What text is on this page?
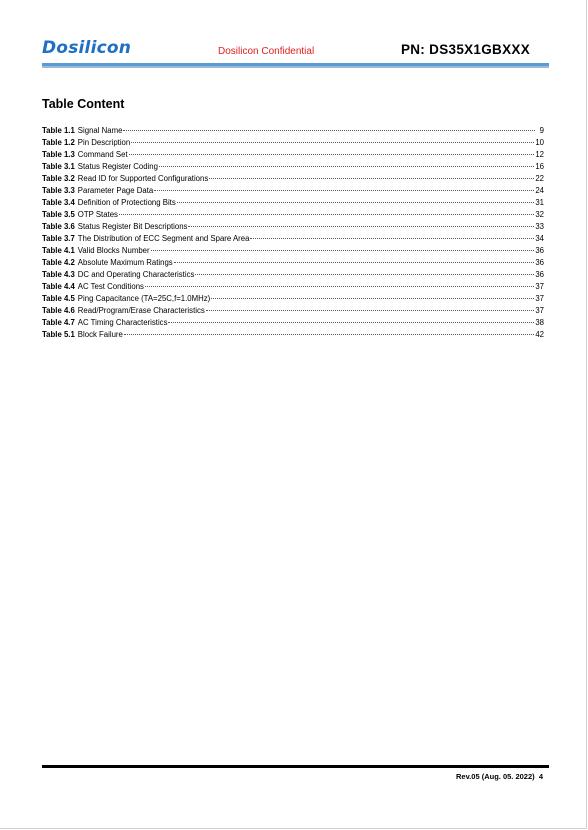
Dosilicon	Dosilicon Confidential	PN: DS35X1GBXXX
Table Content
Table 1.1 Signal Name	9
Table 1.2 Pin Description	10
Table 1.3 Command Set	12
Table 3.1 Status Register Coding	16
Table 3.2 Read ID for Supported Configurations	22
Table 3.3 Parameter Page Data	24
Table 3.4 Definition of Protectiong Bits	31
Table 3.5 OTP States	32
Table 3.6 Status Register Bit Descriptions	33
Table 3.7 The Distribution of ECC Segment and Spare Area	34
Table 4.1 Valid Blocks Number	36
Table 4.2 Absolute Maximum Ratings	36
Table 4.3 DC and Operating Characteristics	36
Table 4.4 AC Test Conditions	37
Table 4.5 Ping Capacitance (TA=25C,f=1.0MHz)	37
Table 4.6 Read/Program/Erase Characteristics	37
Table 4.7 AC Timing Characteristics	38
Table 5.1 Block Failure	42
Rev.05 (Aug. 05. 2022) 4
